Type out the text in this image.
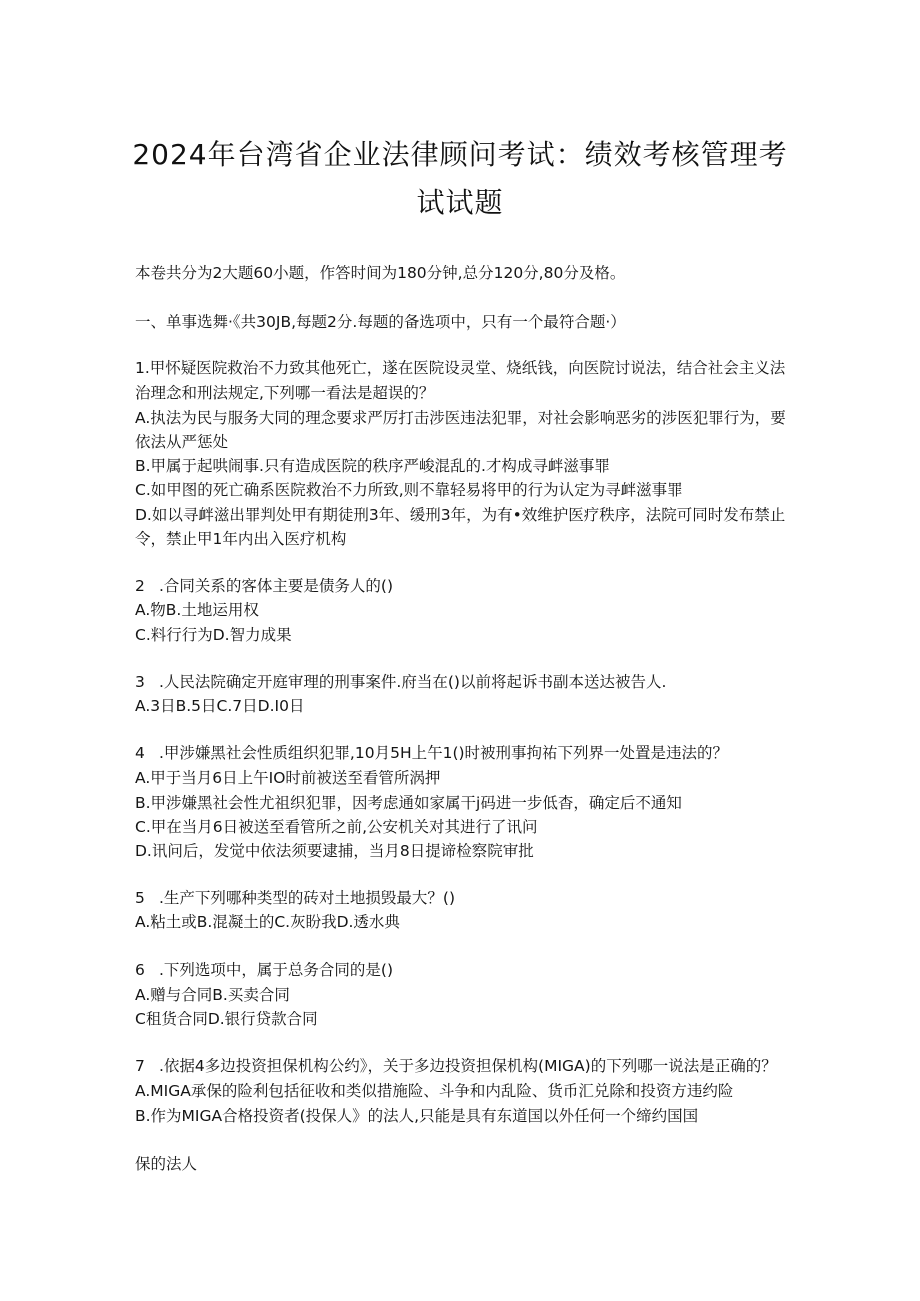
2024年台湾省企业法律顾问考试：绩效考核管理考
试试题
本卷共分为2大题60小题，作答时间为180分钟,总分120分,80分及格。
一、单事选舞·《共30JB,每题2分.每题的备选项中，只有一个最符合题·）
1.甲怀疑医院救治不力致其他死亡，遂在医院设灵堂、烧纸钱，向医院讨说法，结合社会主义法
治理念和刑法规定,下列哪一看法是超误的？
A.执法为民与服务大同的理念要求严厉打击涉医违法犯罪，对社会影响恶劣的涉医犯罪行为，要
依法从严惩处
B.甲属于起哄闹事.只有造成医院的秩序严峻混乱的.才构成寻衅滋事罪
C.如甲图的死亡确系医院救治不力所致,则不靠轻易将甲的行为认定为寻衅滋事罪
D.如以寻衅滋出罪判处甲有期徒刑3年、缓刑3年，为有•效维护医疗秩序，法院可同时发布禁止
令，禁止甲1年内出入医疗机构
2 .合同关系的客体主要是债务人的()
A.物B.土地运用权
C.料行行为D.智力成果
3 .人民法院确定开庭审理的刑事案件.府当在()以前将起诉书副本送达被告人.
A.3日B.5日C.7日D.I0日
4 .甲涉嫌黑社会性质组织犯罪,10月5H上午1()时被刑事拘祐下列界一处置是违法的？
A.甲于当月6日上午IO时前被送至看管所涡押
B.甲涉嫌黑社会性尤祖织犯罪，因考虑通如家属干j码进一步低杳，确定后不通知
C.甲在当月6日被送至看管所之前,公安机关对其进行了讯问
D.讯问后，发觉中依法须要逮捕，当月8日提谛检察院审批
5 .生产下列哪种类型的砖对土地损毁最大？()
A.粘土或B.混凝土的C.灰盼我D.透水典
6 .下列选项中，属于总务合同的是()
A.赠与合同B.买卖合同
C租货合同D.银行贷款合同
7 .依据4多边投资担保机构公约》，关于多边投资担保机构(MIGA)的下列哪一说法是正确的？
A.MIGA承保的险利包括征收和类似措施险、斗争和内乱险、货币汇兑除和投资方违约险
B.作为MIGA合格投资者(投保人》的法人,只能是具有东道国以外任何一个缔约国国
保的法人
